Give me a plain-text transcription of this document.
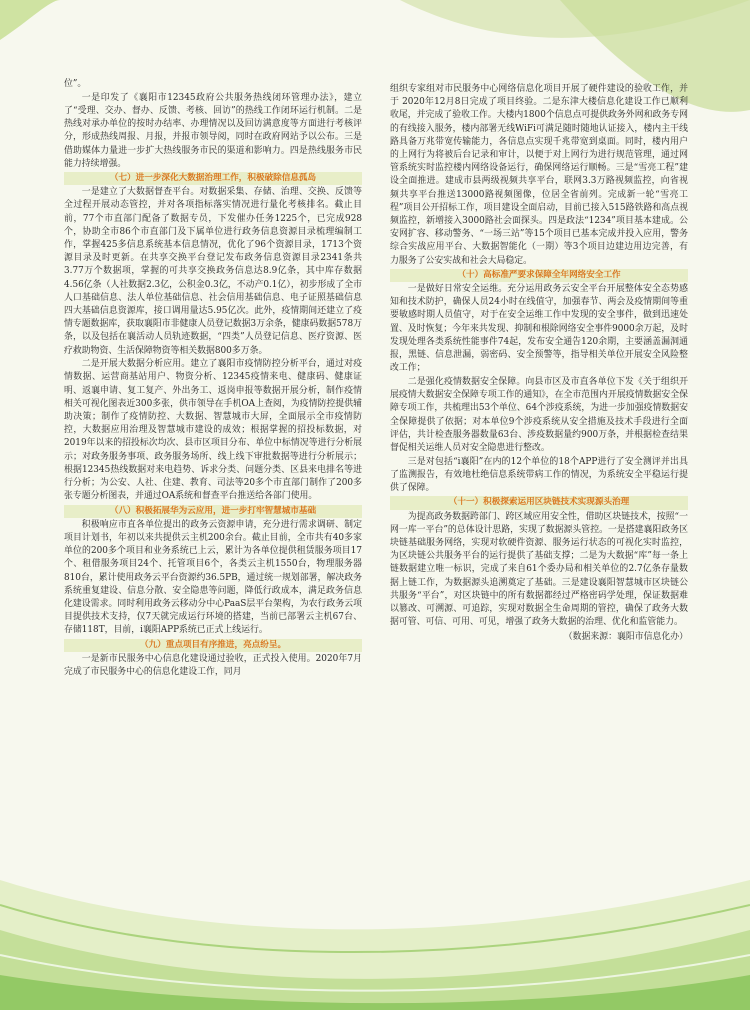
位”。

一是印发了《襄阳市12345政府公共服务热线闭环管理办法》，建立了“受理、交办、督办、反馈、考核、回访”的热线工作闭环运行机制。二是热线对承办单位的按时办结率、办理情况以及回访满意度等方面进行考核评分，形成热线周报、月报，并报市领导阅，同时在政府网站予以公布。三是借助媒体力量进一步扩大热线服务市民的渠道和影响力。四是热线服务市民能力持续增强。

（七）进一步深化大数据治理工作，积极破除信息孤岛

一是建立了大数据督查平台。对数据采集、存储、治理、交换、反馈等全过程开展动态管控，并对各项指标落实情况进行量化考核排名。截止目前，77个市直部门配备了数据专员，下发催办任务1225个，已完成928个，协助全市86个市直部门及下属单位进行政务信息资源目录梳理编制工作，掌握425多信息系统基本信息情况，优化了96个资源目录，1713个资源目录及时更新。在共享交换平台登记发布政务信息资源目录2341条共3.77万个数据项，掌握的可共享交换政务信息达8.9亿条，其中库存数据4.56亿条（人社数据2.3亿，公积金0.3亿，不动产0.1亿），初步形成了全市人口基础信息、法人单位基础信息、社会信用基础信息、电子证照基础信息四大基础信息资源库，接口调用量达5.95亿次。此外，疫情期间还建立了疫情专题数据库，获取襄阳市非健康人员登记数据3万余条，健康码数据578万条，以及包括在襄活动人员轨迹数据，“四类”人员登记信息、医疗资源、医疗救助物资、生活保障物资等相关数据800多万条。

二是开展大数据分析应用。建立了襄阳市疫情防控分析平台，通过对疫情数据、运营商基站用户、物资分析、12345疫情来电、健康码、健康证明、返襄申请、复工复产、外出务工、返岗申报等数据开展分析，制作疫情相关可视化图表近300多张，供市领导在手机OA上查阅，为疫情防控提供辅助决策；制作了疫情防控、大数据、智慧城市大屏，全面展示全市疫情防控，大数据应用治理及智慧城市建设的成效；根据掌握的招投标数据，对2019年以来的招投标次均次、县市区项目分布、单位中标情况等进行分析展示；对政务服务事项、政务服务场所、线上线下审批数据等进行分析展示；根据12345热线数据对来电趋势、诉求分类、问题分类、区县来电排名等进行分析；为公安、人社、住建、教育、司法等20多个市直部门制作了200多张专题分析图表，并通过OA系统和督查平台推送给各部门使用。

（八）积极拓展华为云应用，进一步打牢智慧城市基础

积极响应市直各单位提出的政务云资源申请，充分进行需求调研、制定项目计划书，年初以来共提供云主机200余台。截止目前，全市共有40多家单位的200多个项目和业务系统已上云，累计为各单位提供租赁服务项目17个、租借服务项目24个、托管项目6个，各类云主机1550台，物理服务器810台，累计使用政务云平台资源约36.5PB，通过统一规划部署，解决政务系统重复建设、信息分散、安全隐患等问题，降低行政成本，满足政务信息化建设需求。同时利用政务云移动分中心PaaS层平台架构，为农行政务云项目提供技术支持，仅7天就完成运行环境的搭建，当前已部署云主机67台、存储118T，目前，i襄阳APP系统已正式上线运行。

（九）重点项目有序推进，亮点纷呈。

一是新市民服务中心信息化建设通过验收，正式投入使用。2020年7月完成了市民服务中心的信息化建设工作，同月

组织专家组对市民服务中心网络信息化项目开展了硬件建设的验收工作，并于 2020年12月8日完成了项目终验。二是东津大楼信息化建设工作已顺利收尾，并完成了验收工作。大楼内1800个信息点可提供政务外网和政务专网的有线接入服务，楼内部署无线WiFi可满足随时随地认证接入，楼内主干线路具备万兆带宽传输能力，各信息点实现千兆带宽到桌面。同时，楼内用户的上网行为将被后台记录和审计，以便于对上网行为进行规范管理，通过网管系统实时监控楼内网络设备运行，确保网络运行顺畅。三是“雪亮工程”建设全面推进。建成市县两级视频共享平台，联网3.3万路视频监控，向省视频共享平台推送13000路视频图像，位居全省前列。完成新一轮“雪亮工程”项目公开招标工作，项目建设全面启动，目前已接入515路铁路和高点视频监控，新增接入3000路社会面探头。四是政法“1234”项目基本建成。公安网扩容、移动警务、“一场三站”等15个项目已基本完成并投入应用，警务综合实战应用平台、大数据智能化（一期）等3个项目边建边用边完善，有力服务了公安实战和社会大局稳定。

（十）高标准严要求保障全年网络安全工作

一是做好日常安全运维。充分运用政务云安全平台开展整体安全态势感知和技术防护，确保人员24小时在线值守，加强春节、两会及疫情期间等重要敏感时期人员值守，对于在安全运维工作中发现的安全事件，做到迅速处置、及时恢复；今年来共发现、抑制和根除网络安全事件9000余万起，及时发现处理各类系统性能事件74起，发布安全通告120余期，主要涵盖漏洞通报，黑链、信息泄漏，弱密码、安全预警等，指导相关单位开展安全风险整改工作；

二是强化疫情数据安全保障。向县市区及市直各单位下发《关于组织开展疫情大数据安全保障专项工作的通知》，在全市范围内开展疫情数据安全保障专项工作，共梳理出53个单位、64个涉疫系统，为进一步加强疫情数据安全保障提供了依据；对本单位9个涉疫系统从安全措施及技术手段进行全面评估，共计检查服务器数量63台、涉疫数据量约900万条，并根据检查结果督促相关运维人员对安全隐患进行整改。

三是对包括“i襄阳”在内的12个单位的18个APP进行了安全测评并出具了监测报告，有效地杜绝信息系统带病工作的情况，为系统安全平稳运行提供了保障。

（十一）积极探索运用区块链技术实现源头治理

为提高政务数据跨部门、跨区域应用安全性，借助区块链技术，按照“一网一库一平台”的总体设计思路，实现了数据源头管控。一是搭建襄阳政务区块链基础服务网络，实现对软硬件资源、服务运行状态的可视化实时监控，为区块链公共服务平台的运行提供了基础支撑；二是为大数据“库”每一条上链数据建立唯一标识，完成了来自61个委办局和相关单位的2.7亿条存量数据上链工作，为数据源头追溯奠定了基础。三是建设襄阳智慧城市区块链公共服务“平台”，对区块链中的所有数据都经过严格密码学处理，保证数据难以篡改、可溯源、可追踪，实现对数据全生命周期的管控，确保了政务大数据可管、可信、可用、可见，增强了政务大数据的治理、优化和监管能力。

（数据来源：襄阳市信息化办）
